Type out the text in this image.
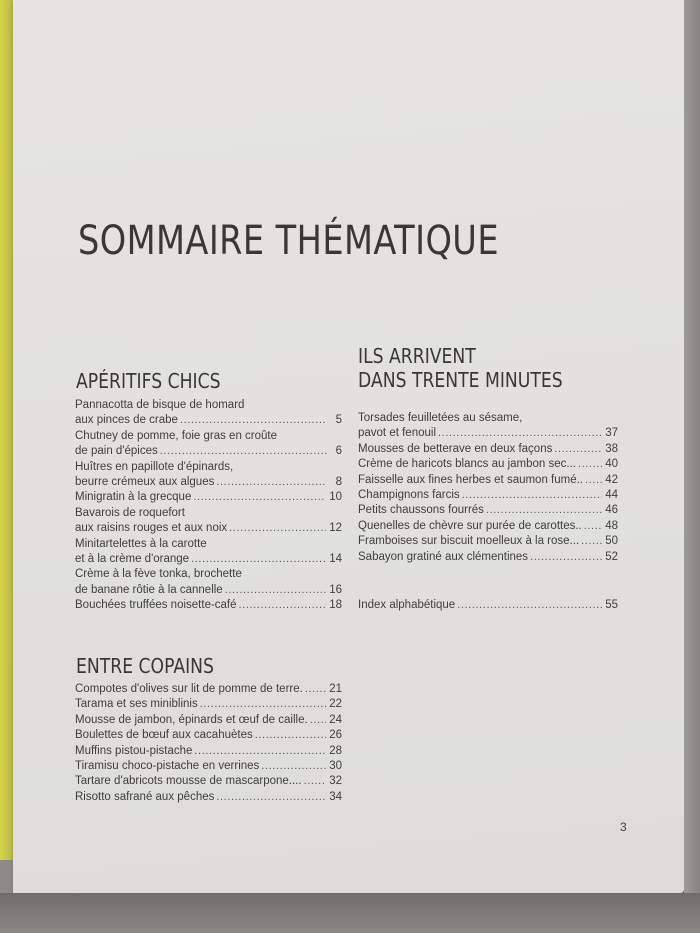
SOMMAIRE THÉMATIQUE
APÉRITIFS CHICS
Pannacotta de bisque de homard
aux pinces de crabe .....	5
Chutney de pomme, foie gras en croûte
de pain d'épices .....	6
Huîtres en papillote d'épinards,
beurre crémeux aux algues .....	8
Minigratin à la grecque .....	10
Bavarois de roquefort
aux raisins rouges et aux noix .....	12
Minitartelettes à la carotte
et à la crème d'orange .....	14
Crème à la fève tonka, brochette
de banane rôtie à la cannelle .....	16
Bouchées truffées noisette-café .....	18
ENTRE COPAINS
Compotes d'olives sur lit de pomme de terre. ..... 21
Tarama et ses miniblinis .....	22
Mousse de jambon, épinards et œuf de caille. ..... 24
Boulettes de bœuf aux cacahuètes .....	26
Muffins pistou-pistache .....	28
Tiramisu choco-pistache en verrines .....	30
Tartare d'abricots mousse de mascarpone.... ..... 32
Risotto safrané aux pêches .....	34
ILS ARRIVENT
DANS TRENTE MINUTES
Torsades feuilletées au sésame,
pavot et fenouil .....	37
Mousses de betterave en deux façons .....	38
Crème de haricots blancs au jambon sec... .....	40
Faisselle aux fines herbes et saumon fumé.. ..... 42
Champignons farcis .....	44
Petits chaussons fourrés .....	46
Quenelles de chèvre sur purée de carottes.. ..... 48
Framboises sur biscuit moelleux à la rose... ..... 50
Sabayon gratiné aux clémentines .....	52
Index alphabétique .....	55
3
